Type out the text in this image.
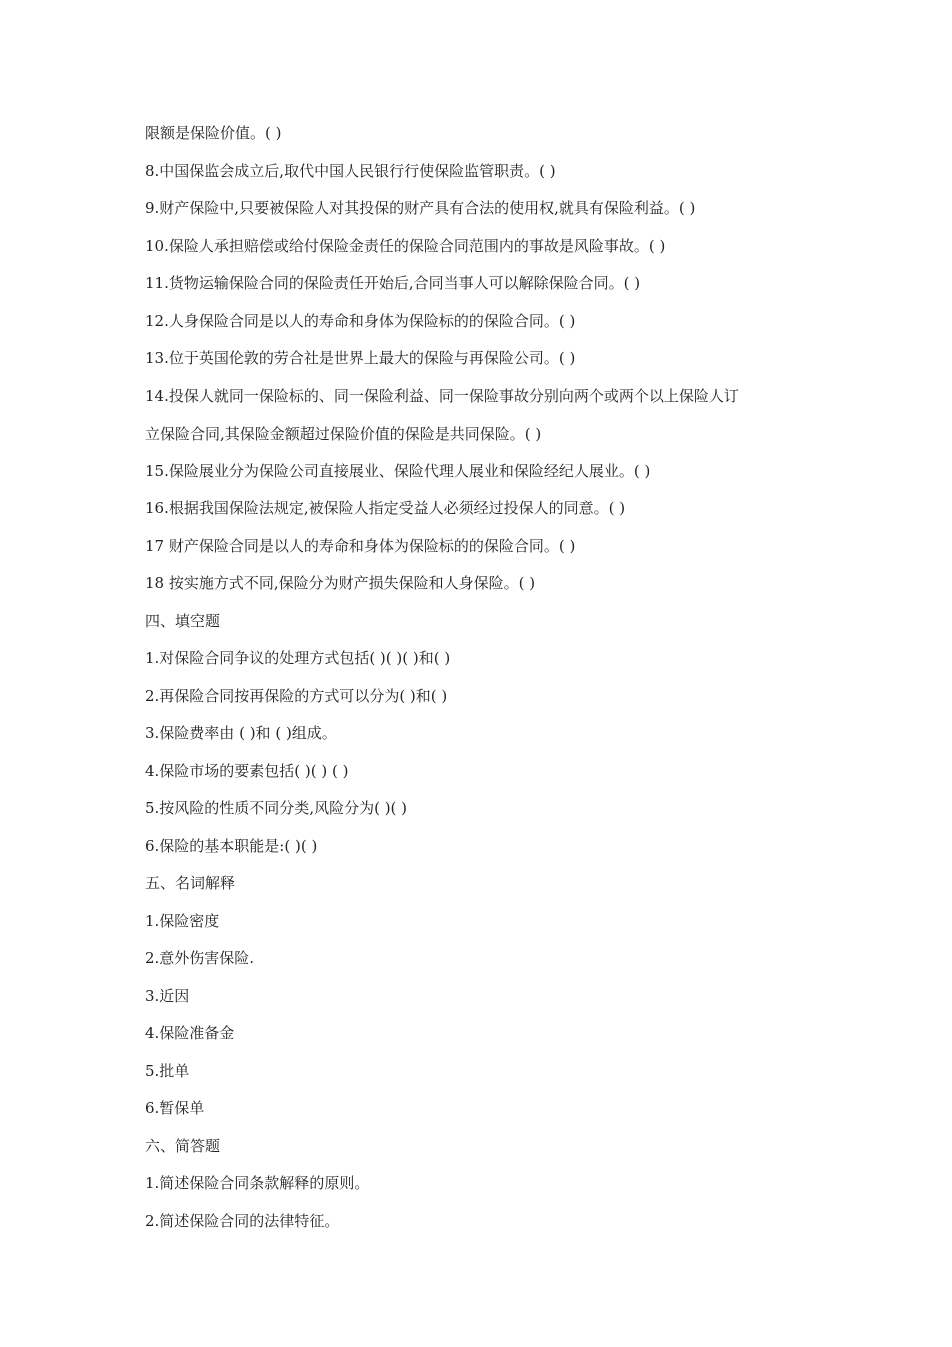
限额是保险价值。( )
8.中国保监会成立后,取代中国人民银行行使保险监管职责。( )
9.财产保险中,只要被保险人对其投保的财产具有合法的使用权,就具有保险利益。( )
10.保险人承担赔偿或给付保险金责任的保险合同范围内的事故是风险事故。( )
11.货物运输保险合同的保险责任开始后,合同当事人可以解除保险合同。( )
12.人身保险合同是以人的寿命和身体为保险标的的保险合同。( )
13.位于英国伦敦的劳合社是世界上最大的保险与再保险公司。( )
14.投保人就同一保险标的、同一保险利益、同一保险事故分别向两个或两个以上保险人订
立保险合同,其保险金额超过保险价值的保险是共同保险。( )
15.保险展业分为保险公司直接展业、保险代理人展业和保险经纪人展业。( )
16.根据我国保险法规定,被保险人指定受益人必须经过投保人的同意。( )
17 财产保险合同是以人的寿命和身体为保险标的的保险合同。( )
18 按实施方式不同,保险分为财产损失保险和人身保险。( )
四、填空题
1.对保险合同争议的处理方式包括( )( )( )和( )
2.再保险合同按再保险的方式可以分为( )和( )
3.保险费率由 ( )和 ( )组成。
4.保险市场的要素包括( )( ) ( )
5.按风险的性质不同分类,风险分为( )( )
6.保险的基本职能是:( )( )
五、名词解释
1.保险密度
2.意外伤害保险.
3.近因
4.保险准备金
5.批单
6.暂保单
六、简答题
1.简述保险合同条款解释的原则。
2.简述保险合同的法律特征。
